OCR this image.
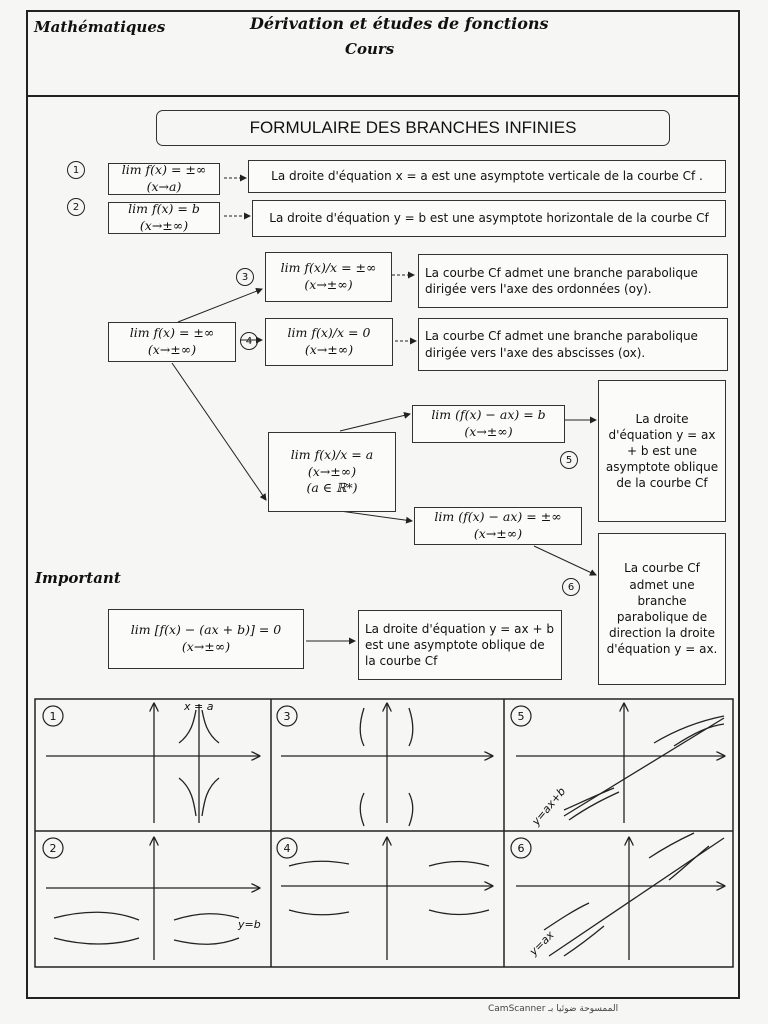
Mathématiques	Dérivation et études de fonctions
Cours
FORMULAIRE DES BRANCHES INFINIES
1	lim f(x) = ±∞ (x→a)
La droite d'équation x = a est une asymptote verticale de la courbe Cf .
2	lim f(x) = b (x→±∞)	La droite d'équation y = b est une asymptote horizontale de la courbe Cf
3
lim f(x)/x = ±∞ (x→±∞)
La courbe Cf admet une branche parabolique dirigée vers l'axe des ordonnées (oy).
lim f(x) = ±∞ (x→±∞)
4
lim f(x)/x = 0 (x→±∞)
La courbe Cf admet une branche parabolique dirigée vers l'axe des abscisses (ox).
lim f(x)/x = a (x→±∞)
(a ∈ ℝ*)
lim (f(x) − ax) = b (x→±∞)
5
La droite d'équation y = ax + b est une asymptote oblique de la courbe Cf
lim (f(x) − ax) = ±∞ (x→±∞)
6
La courbe Cf admet une branche parabolique de direction la droite d'équation y = ax.
Important
lim [f(x) − (ax + b)] = 0 (x→±∞)
La droite d'équation y = ax + b est une asymptote oblique de la courbe Cf
1	3	5
2	4	6
x = a
y=b
y=ax+b
y=ax
CamScanner الممسوحة ضوئيا بـ
